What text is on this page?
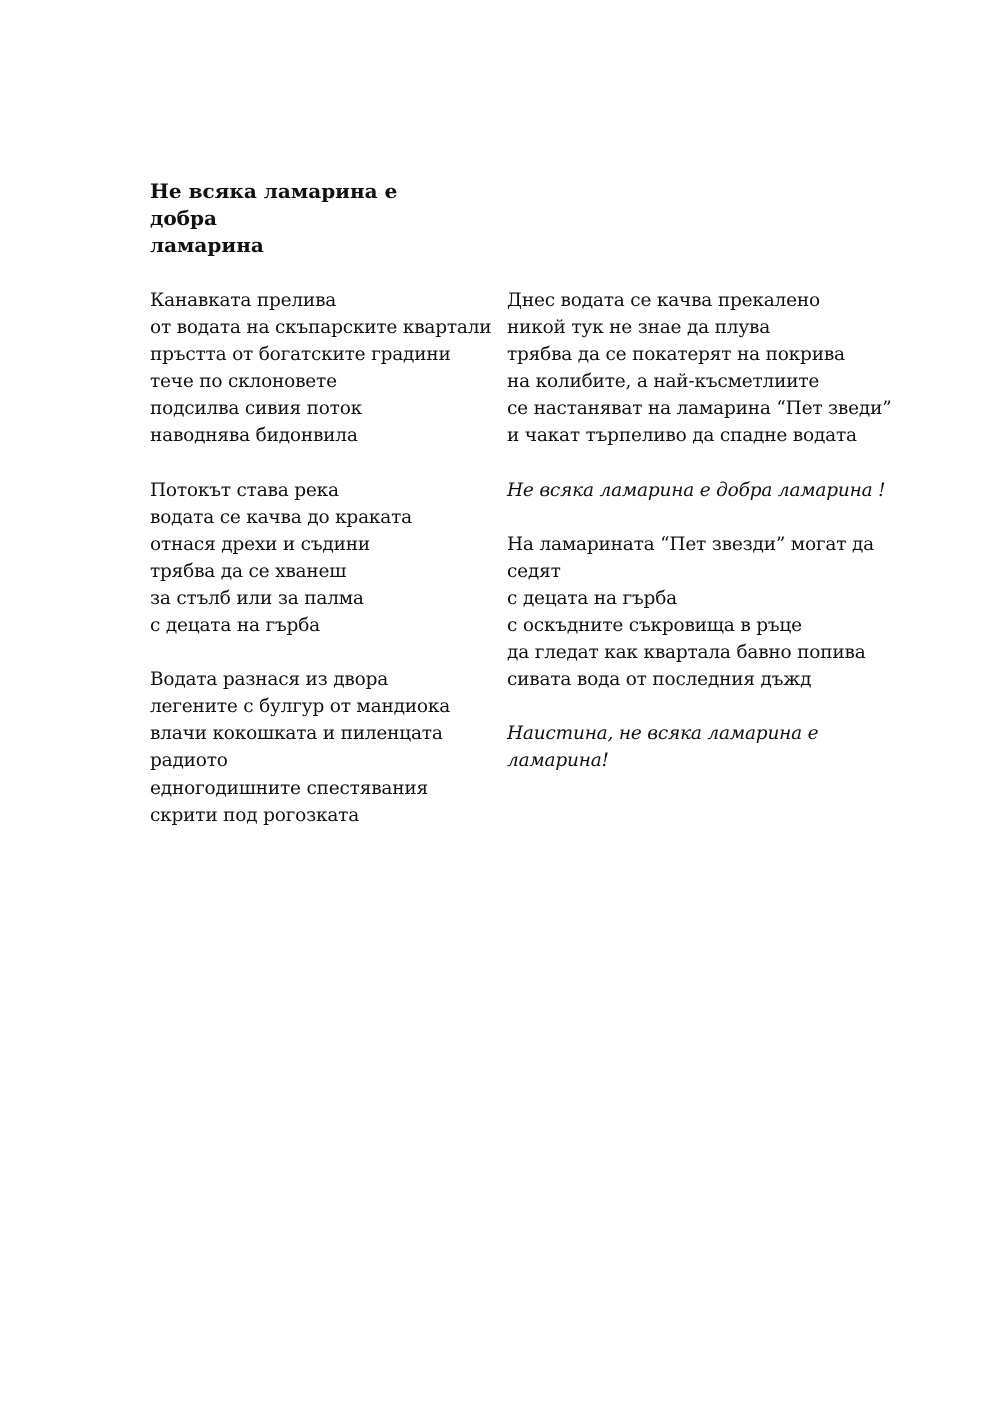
Не всяка ламарина е добра
ламарина
Канавката прелива
от водата на скъпарските квартали
пръстта от богатските градини
тече по склоновете
подсилва сивия поток
наводнява бидонвила
Потокът става река
водата се качва до краката
отнася дрехи и съдини
трябва да се хванеш
за стълб или за палма
с децата на гърба
Водата разнася из двора
легените с булгур от мандиока
влачи кокошката и пиленцата
радиото
едногодишните спестявания
скрити под рогозката
Днес водата се качва прекалено
никой тук не знае да плува
трябва да се покатерят на покрива
на колибите, а най-късметлиите
се настаняват на ламарина “Пет зведи”
и чакат търпеливо да спадне водата
Не всяка ламарина е добра ламарина !
На ламарината “Пет звезди” могат да
седят
с децата на гърба
с оскъдните съкровища в ръце
да гледат как квартала бавно попива
сивата вода от последния дъжд
Наистина, не всяка ламарина е
ламарина!
